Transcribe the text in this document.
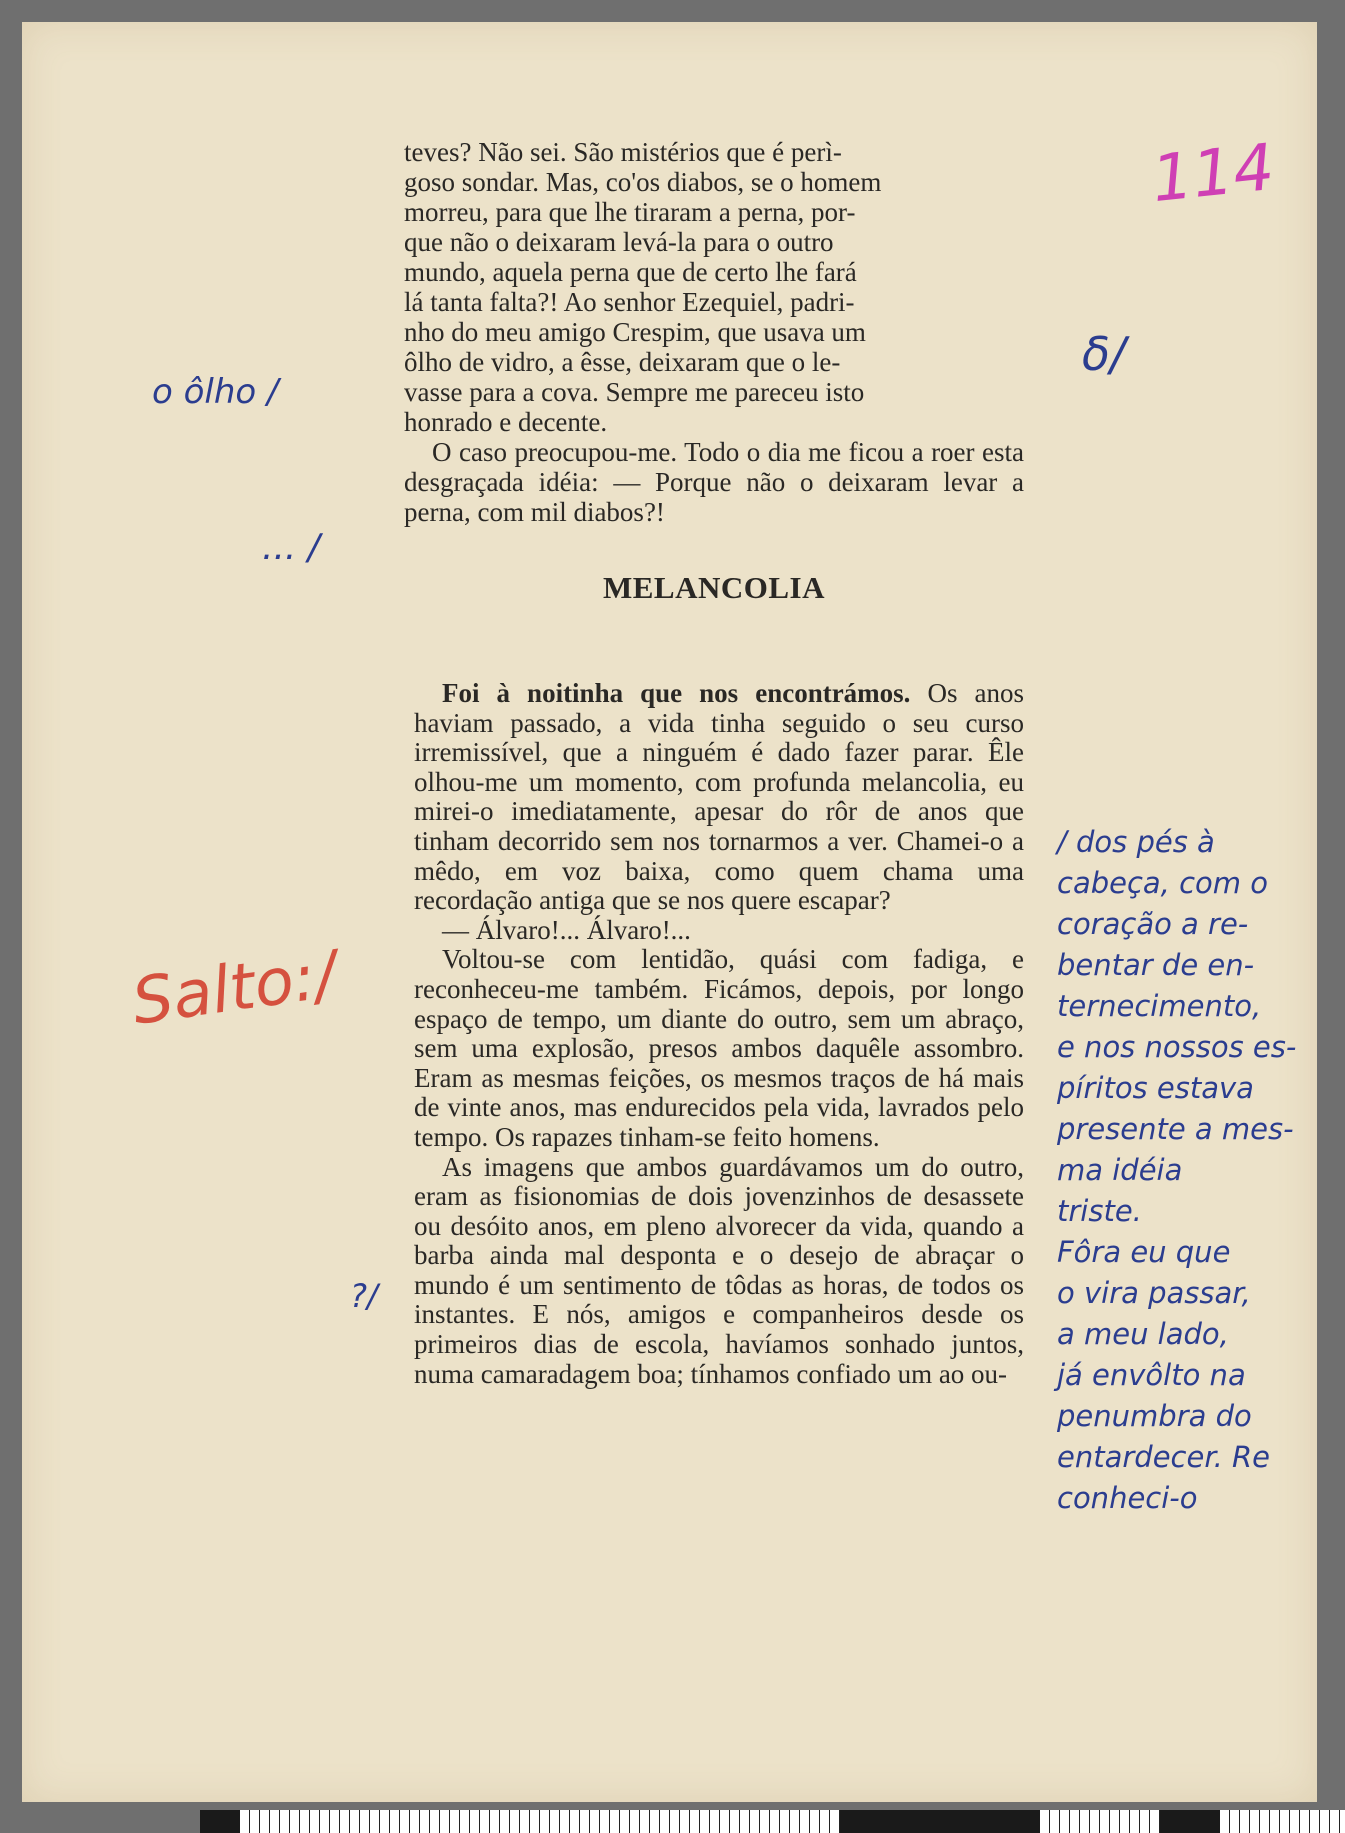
114
δ/
teves? Não sei. São mistérios que é perì-
goso sondar. Mas, co'os diabos, se o homem
morreu, para que lhe tiraram a perna, por-
que não o deixaram levá-la para o outro
mundo, aquela perna que de certo lhe fará
lá tanta falta?! Ao senhor Ezequiel, padri-
nho do meu amigo Crespim, que usava um
ôlho de vidro, a êsse, deixaram que o le-
vasse para a cova. Sempre me pareceu isto
honrado e decente.

O caso preocupou-me. Todo o dia me ficou a roer esta desgraçada idéia: — Porque não o deixaram levar a perna, com mil diabos?!

MELANCOLIA

Foi à noitinha que nos encontrámos. Os anos haviam passado, a vida tinha seguido o seu curso irremissível, que a ninguém é dado fazer parar. Êle olhou-me um momento, com profunda melancolia, eu mirei-o imediatamente, apesar do rôr de anos que tinham decorrido sem nos tornarmos a ver. Chamei-o a mêdo, em voz baixa, como quem chama uma recordação antiga que se nos quere escapar?

— Álvaro!... Álvaro!...

Voltou-se com lentidão, quási com fadiga, e reconheceu-me também. Ficámos, depois, por longo espaço de tempo, um diante do outro, sem um abraço, sem uma explosão, presos ambos daquêle assombro. Eram as mesmas feições, os mesmos traços de há mais de vinte anos, mas endurecidos pela vida, lavrados pelo tempo. Os rapazes tinham-se feito homens.

As imagens que ambos guardávamos um do outro, eram as fisionomias de dois jovenzinhos de desassete ou desóito anos, em pleno alvorecer da vida, quando a barba ainda mal desponta e o desejo de abraçar o mundo é um sentimento de tôdas as horas, de todos os instantes. E nós, amigos e companheiros desde os primeiros dias de escola, havíamos sonhado juntos, numa camaradagem boa; tínhamos confiado um ao ou-

o ôlho /
... /
Salto:/
?/
/ dos pés à
cabeça, com o
coração a re-
bentar de en-
ternecimento,
e nos nossos es-
píritos estava
presente a mes-
ma idéia
triste.
Fôra eu que
o vira passar,
a meu lado,
já envôlto na
penumbra do
entardecer. Re
conheci-o
